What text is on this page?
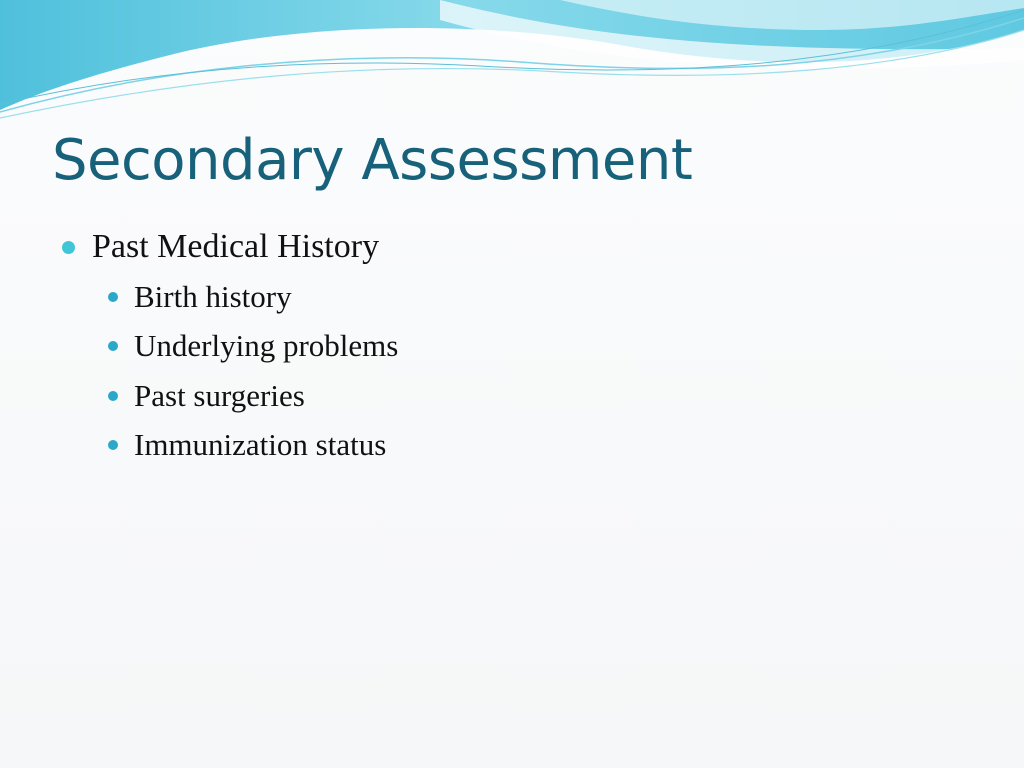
Secondary Assessment
Past Medical History
Birth history
Underlying problems
Past surgeries
Immunization status
